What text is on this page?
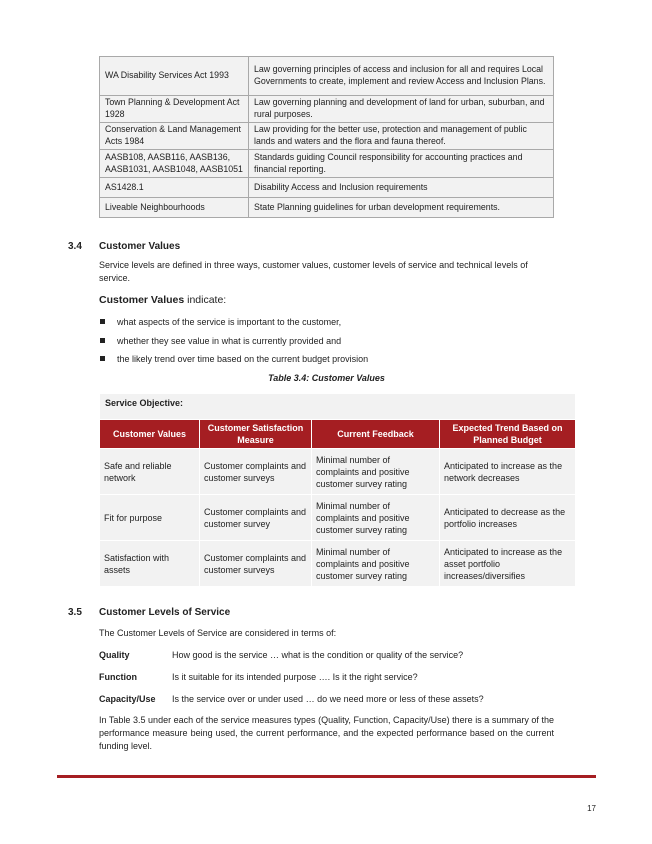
WA Disability Services Act 1993	Law governing principles of access and inclusion for all and requires Local Governments to create, implement and review Access and Inclusion Plans.
Town Planning & Development Act 1928	Law governing planning and development of land for urban, suburban, and rural purposes.
Conservation & Land Management Acts 1984	Law providing for the better use, protection and management of public lands and waters and the flora and fauna thereof.
AASB108, AASB116, AASB136, AASB1031, AASB1048, AASB1051	Standards guiding Council responsibility for accounting practices and financial reporting.
AS1428.1	Disability Access and Inclusion requirements
Liveable Neighbourhoods	State Planning guidelines for urban development requirements.
3.4 Customer Values
Service levels are defined in three ways, customer values, customer levels of service and technical levels of service.
Customer Values indicate:
what aspects of the service is important to the customer,
whether they see value in what is currently provided and
the likely trend over time based on the current budget provision
Table 3.4: Customer Values
Service Objective:			
Customer Values	Customer Satisfaction Measure	Current Feedback	Expected Trend Based on Planned Budget
Safe and reliable network	Customer complaints and customer surveys	Minimal number of complaints and positive customer survey rating	Anticipated to increase as the network decreases
Fit for purpose	Customer complaints and customer survey	Minimal number of complaints and positive customer survey rating	Anticipated to decrease as the portfolio increases
Satisfaction with assets	Customer complaints and customer surveys	Minimal number of complaints and positive customer survey rating	Anticipated to increase as the asset portfolio increases/diversifies
3.5 Customer Levels of Service
The Customer Levels of Service are considered in terms of:
Quality	How good is the service … what is the condition or quality of the service?
Function	Is it suitable for its intended purpose …. Is it the right service?
Capacity/Use Is the service over or under used … do we need more or less of these assets?
In Table 3.5 under each of the service measures types (Quality, Function, Capacity/Use) there is a summary of the performance measure being used, the current performance, and the expected performance based on the current funding level.
17
